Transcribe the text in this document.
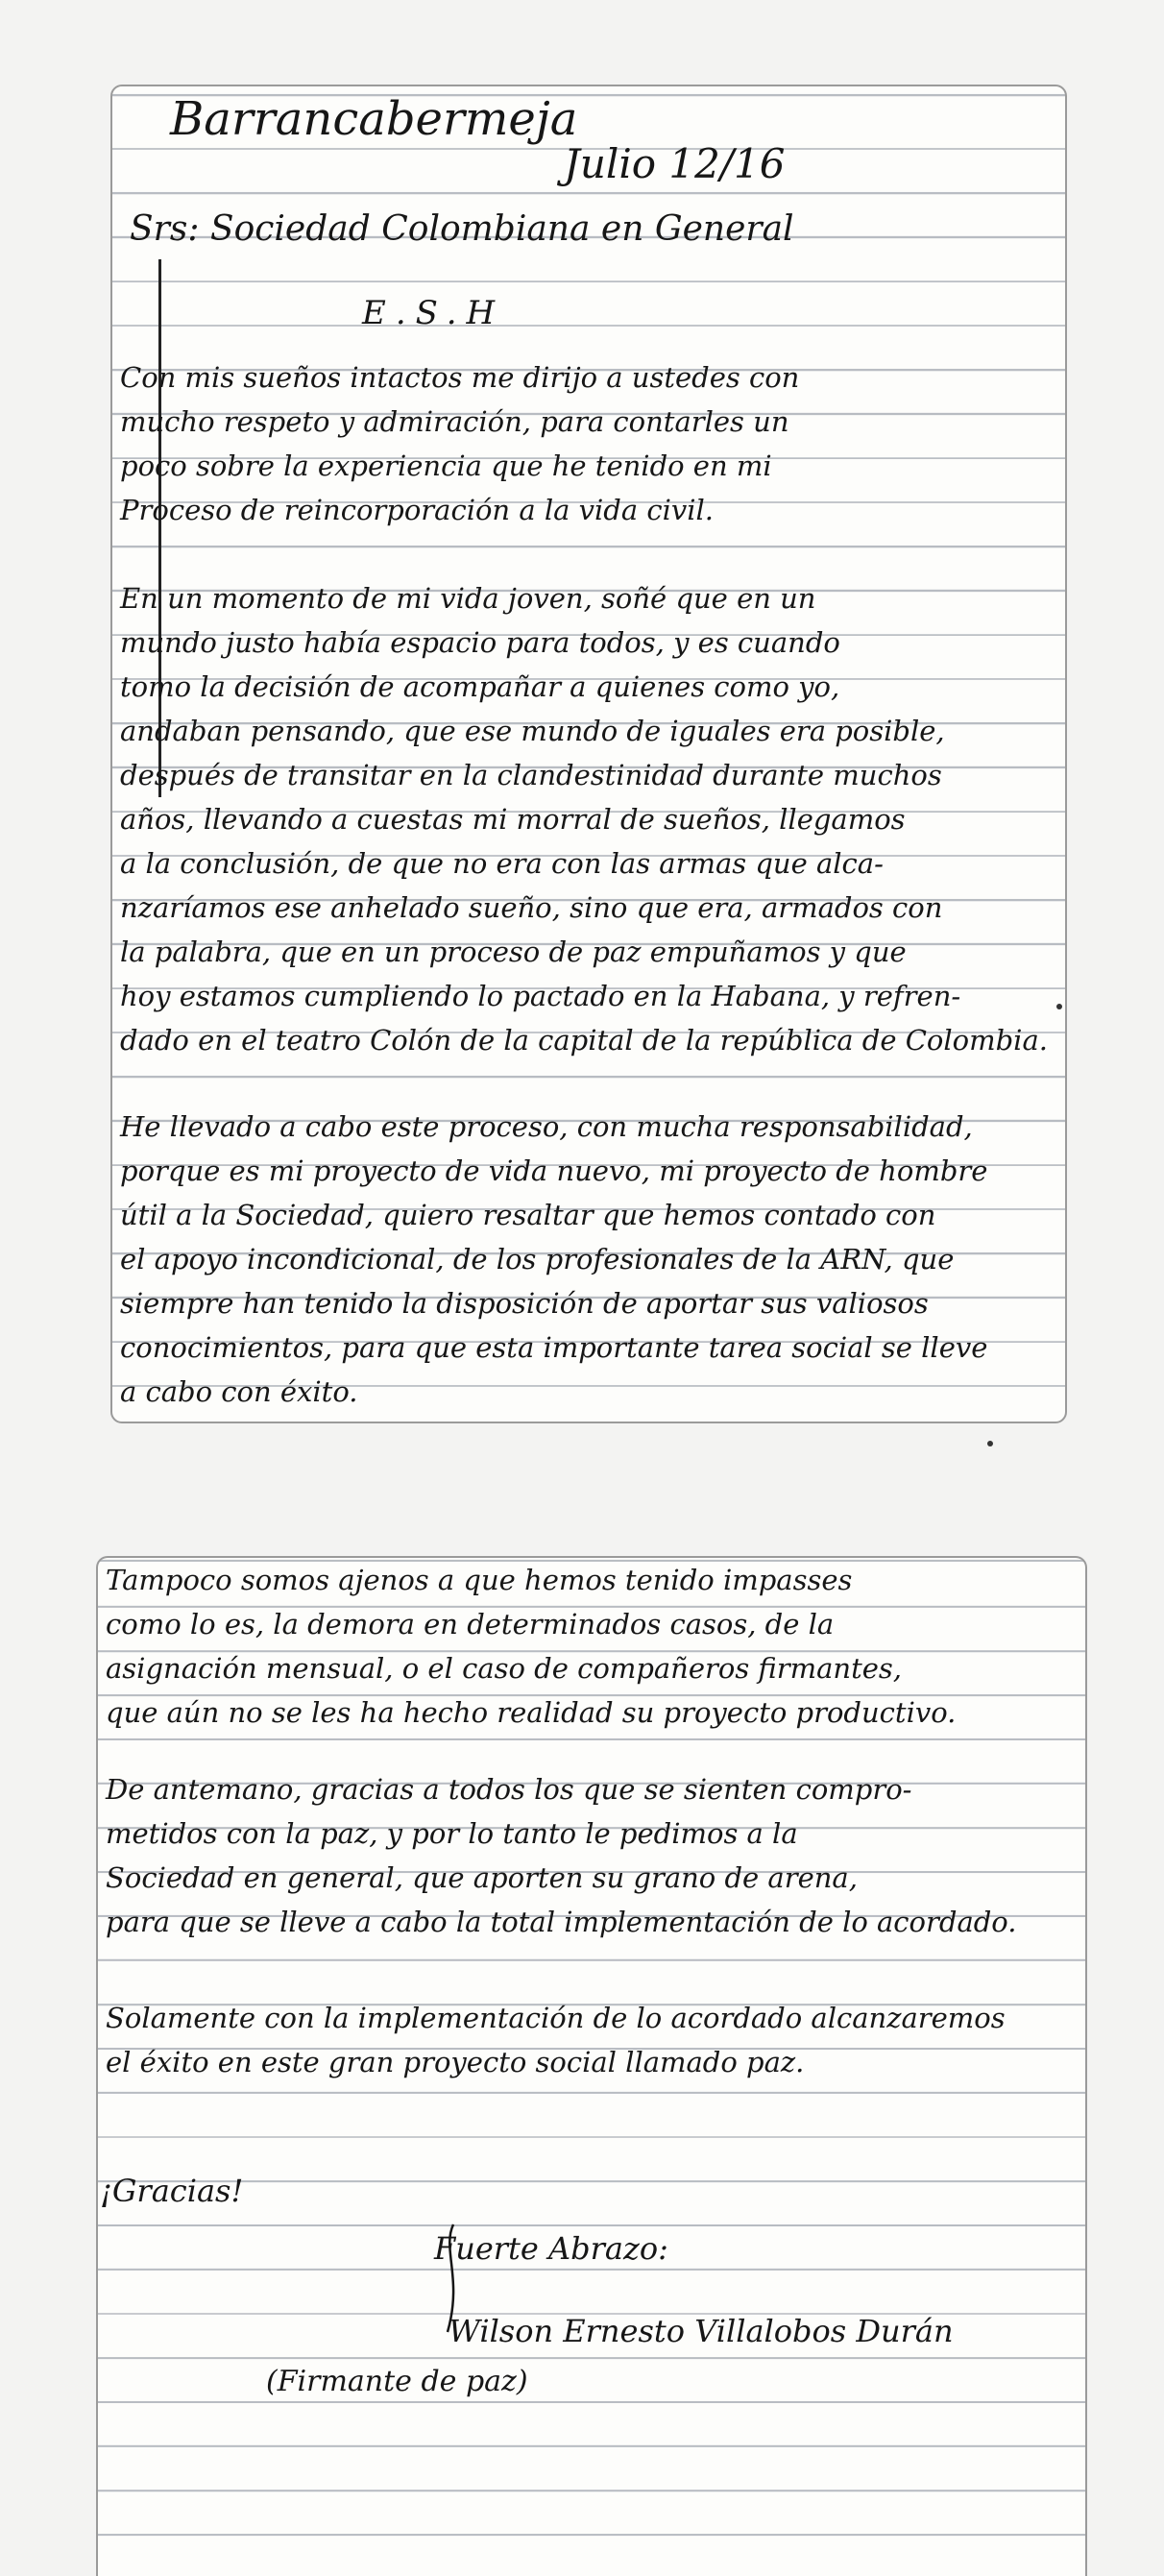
Barrancabermeja

Julio 12/16

Srs: Sociedad Colombiana en General

E.S.H

Con mis sueños intactos me dirijo a ustedes con
mucho respeto y admiración, para contarles un
poco sobre la experiencia que he tenido en mi
Proceso de reincorporación a la vida civil.
En un momento de mi vida joven, soñé que en un
mundo justo había espacio para todos, y es cuando
tomo la decisión de acompañar a quienes como yo,
andaban pensando, que ese mundo de iguales era posible,
después de transitar en la clandestinidad durante muchos
años, llevando a cuestas mi morral de sueños, llegamos
a la conclusión, de que no era con las armas que alca-
nzaríamos ese anhelado sueño, sino que era, armados con
la palabra, que en un proceso de paz empuñamos y que
hoy estamos cumpliendo lo pactado en la Habana, y refren-
dado en el teatro Colón de la capital de la república de Colombia.
He llevado a cabo este proceso, con mucha responsabilidad,
porque es mi proyecto de vida nuevo, mi proyecto de hombre
útil a la Sociedad, quiero resaltar que hemos contado con
el apoyo incondicional, de los profesionales de la ARN, que
siempre han tenido la disposición de aportar sus valiosos
conocimientos, para que esta importante tarea social se lleve
a cabo con éxito.
Tampoco somos ajenos a que hemos tenido impasses
como lo es, la demora en determinados casos, de la
asignación mensual, o el caso de compañeros firmantes,
que aún no se les ha hecho realidad su proyecto productivo.
De antemano, gracias a todos los que se sienten compro-
metidos con la paz, y por lo tanto le pedimos a la
Sociedad en general, que aporten su grano de arena,
para que se lleve a cabo la total implementación de lo acordado.
Solamente con la implementación de lo acordado alcanzaremos
el éxito en este gran proyecto social llamado paz.

¡Gracias!

Fuerte Abrazo:

Wilson Ernesto Villalobos Durán

(Firmante de paz)
